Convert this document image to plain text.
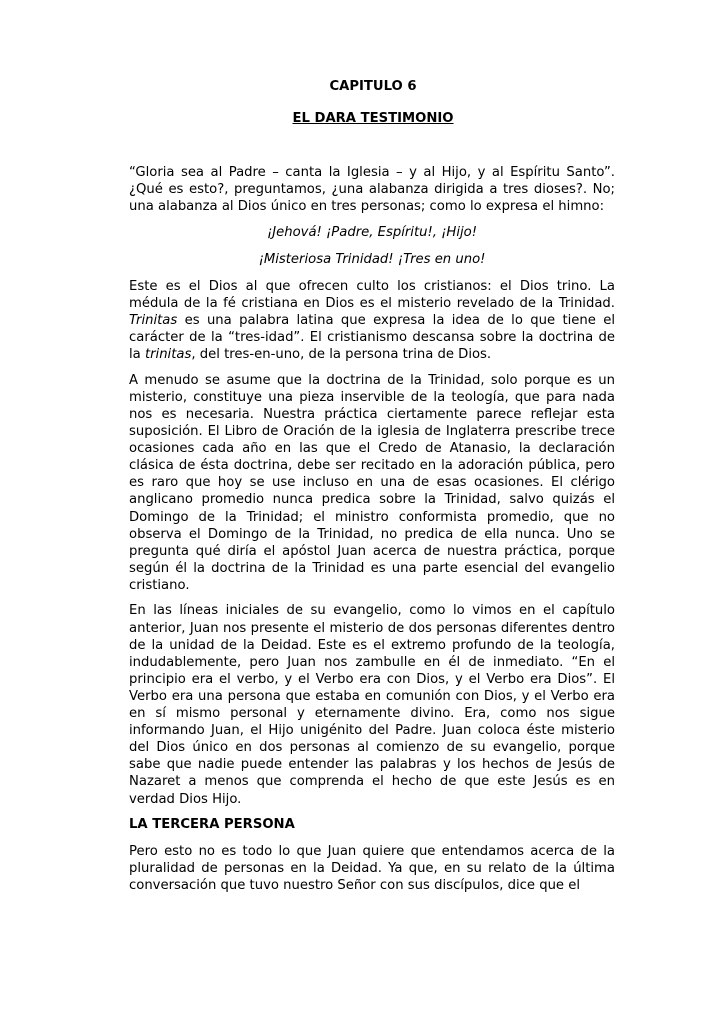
CAPITULO 6
EL DARA TESTIMONIO

“Gloria sea al Padre – canta la Iglesia – y al Hijo, y al Espíritu Santo”. ¿Qué es esto?, preguntamos, ¿una alabanza dirigida a tres dioses?. No; una alabanza al Dios único en tres personas; como lo expresa el himno:

¡Jehová! ¡Padre, Espíritu!, ¡Hijo!

¡Misteriosa Trinidad! ¡Tres en uno!

Este es el Dios al que ofrecen culto los cristianos: el Dios trino. La médula de la fé cristiana en Dios es el misterio revelado de la Trinidad. Trinitas es una palabra latina que expresa la idea de lo que tiene el carácter de la “tres-idad”. El cristianismo descansa sobre la doctrina de la trinitas, del tres-en-uno, de la persona trina de Dios.

A menudo se asume que la doctrina de la Trinidad, solo porque es un misterio, constituye una pieza inservible de la teología, que para nada nos es necesaria. Nuestra práctica ciertamente parece reflejar esta suposición. El Libro de Oración de la iglesia de Inglaterra prescribe trece ocasiones cada año en las que el Credo de Atanasio, la declaración clásica de ésta doctrina, debe ser recitado en la adoración pública, pero es raro que hoy se use incluso en una de esas ocasiones. El clérigo anglicano promedio nunca predica sobre la Trinidad, salvo quizás el Domingo de la Trinidad; el ministro conformista promedio, que no observa el Domingo de la Trinidad, no predica de ella nunca. Uno se pregunta qué diría el apóstol Juan acerca de nuestra práctica, porque según él la doctrina de la Trinidad es una parte esencial del evangelio cristiano.

En las líneas iniciales de su evangelio, como lo vimos en el capítulo anterior, Juan nos presente el misterio de dos personas diferentes dentro de la unidad de la Deidad. Este es el extremo profundo de la teología, indudablemente, pero Juan nos zambulle en él de inmediato. “En el principio era el verbo, y el Verbo era con Dios, y el Verbo era Dios”. El Verbo era una persona que estaba en comunión con Dios, y el Verbo era en sí mismo personal y eternamente divino. Era, como nos sigue informando Juan, el Hijo unigénito del Padre. Juan coloca éste misterio del Dios único en dos personas al comienzo de su evangelio, porque sabe que nadie puede entender las palabras y los hechos de Jesús de Nazaret a menos que comprenda el hecho de que este Jesús es en verdad Dios Hijo.

LA TERCERA PERSONA

Pero esto no es todo lo que Juan quiere que entendamos acerca de la pluralidad de personas en la Deidad. Ya que, en su relato de la última conversación que tuvo nuestro Señor con sus discípulos, dice que el
